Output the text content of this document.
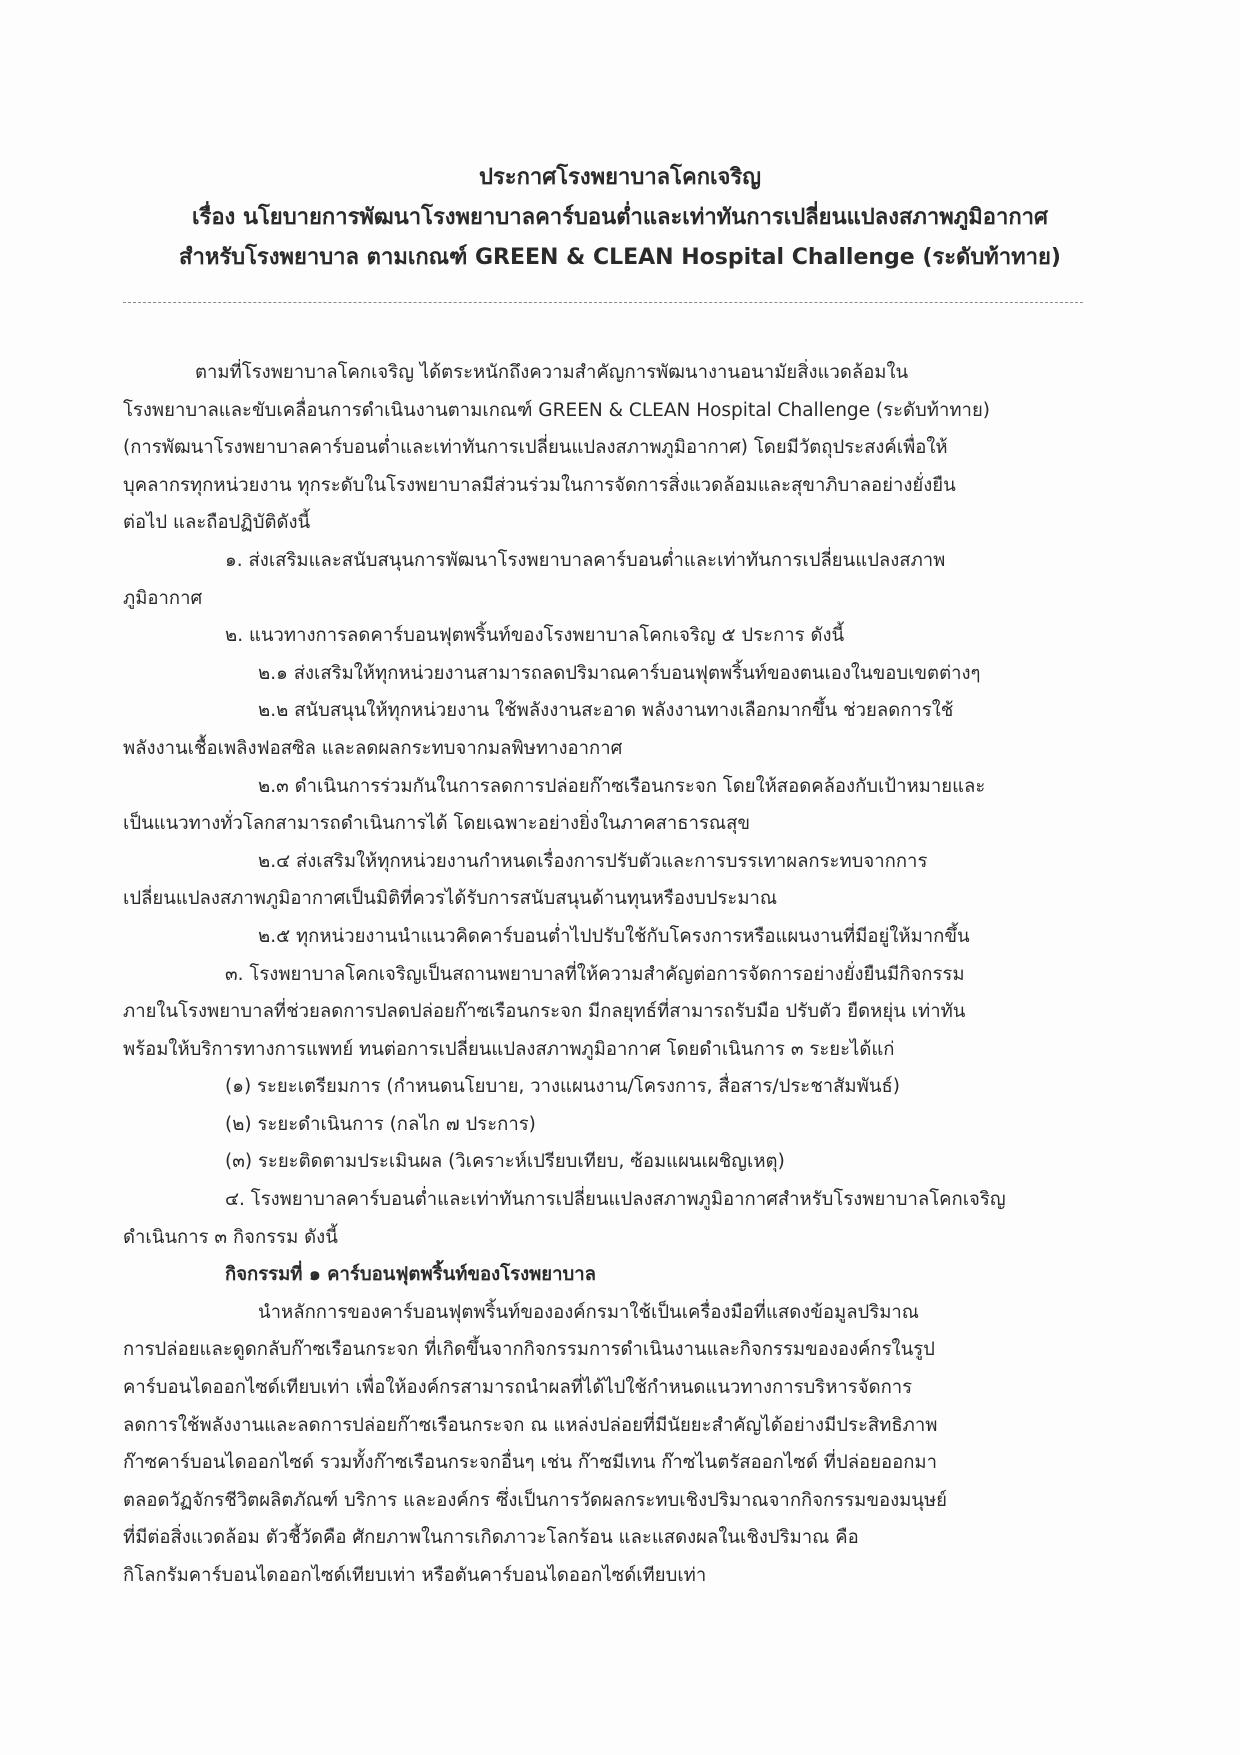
ประกาศโรงพยาบาลโคกเจริญ
เรื่อง นโยบายการพัฒนาโรงพยาบาลคาร์บอนต่ำและเท่าทันการเปลี่ยนแปลงสภาพภูมิอากาศ
สำหรับโรงพยาบาล ตามเกณฑ์ GREEN & CLEAN Hospital Challenge (ระดับท้าทาย)
ตามที่โรงพยาบาลโคกเจริญ ได้ตระหนักถึงความสำคัญการพัฒนางานอนามัยสิ่งแวดล้อมใน
โรงพยาบาลและขับเคลื่อนการดำเนินงานตามเกณฑ์ GREEN & CLEAN Hospital Challenge (ระดับท้าทาย)
(การพัฒนาโรงพยาบาลคาร์บอนต่ำและเท่าทันการเปลี่ยนแปลงสภาพภูมิอากาศ) โดยมีวัตถุประสงค์เพื่อให้
บุคลากรทุกหน่วยงาน ทุกระดับในโรงพยาบาลมีส่วนร่วมในการจัดการสิ่งแวดล้อมและสุขาภิบาลอย่างยั่งยืน
ต่อไป และถือปฏิบัติดังนี้
๑. ส่งเสริมและสนับสนุนการพัฒนาโรงพยาบาลคาร์บอนต่ำและเท่าทันการเปลี่ยนแปลงสภาพ
ภูมิอากาศ
๒. แนวทางการลดคาร์บอนฟุตพริ้นท์ของโรงพยาบาลโคกเจริญ ๕ ประการ ดังนี้
๒.๑ ส่งเสริมให้ทุกหน่วยงานสามารถลดปริมาณคาร์บอนฟุตพริ้นท์ของตนเองในขอบเขตต่างๆ
๒.๒ สนับสนุนให้ทุกหน่วยงาน ใช้พลังงานสะอาด พลังงานทางเลือกมากขึ้น ช่วยลดการใช้
พลังงานเชื้อเพลิงฟอสซิล และลดผลกระทบจากมลพิษทางอากาศ
๒.๓ ดำเนินการร่วมกันในการลดการปล่อยก๊าซเรือนกระจก โดยให้สอดคล้องกับเป้าหมายและ
เป็นแนวทางทั่วโลกสามารถดำเนินการได้ โดยเฉพาะอย่างยิ่งในภาคสาธารณสุข
๒.๔ ส่งเสริมให้ทุกหน่วยงานกำหนดเรื่องการปรับตัวและการบรรเทาผลกระทบจากการ
เปลี่ยนแปลงสภาพภูมิอากาศเป็นมิติที่ควรได้รับการสนับสนุนด้านทุนหรืองบประมาณ
๒.๕ ทุกหน่วยงานนำแนวคิดคาร์บอนต่ำไปปรับใช้กับโครงการหรือแผนงานที่มีอยู่ให้มากขึ้น
๓. โรงพยาบาลโคกเจริญเป็นสถานพยาบาลที่ให้ความสำคัญต่อการจัดการอย่างยั่งยืนมีกิจกรรม
ภายในโรงพยาบาลที่ช่วยลดการปลดปล่อยก๊าซเรือนกระจก มีกลยุทธ์ที่สามารถรับมือ ปรับตัว ยืดหยุ่น เท่าทัน
พร้อมให้บริการทางการแพทย์ ทนต่อการเปลี่ยนแปลงสภาพภูมิอากาศ โดยดำเนินการ ๓ ระยะได้แก่
(๑) ระยะเตรียมการ (กำหนดนโยบาย, วางแผนงาน/โครงการ, สื่อสาร/ประชาสัมพันธ์)
(๒) ระยะดำเนินการ (กลไก ๗ ประการ)
(๓) ระยะติดตามประเมินผล (วิเคราะห์เปรียบเทียบ, ซ้อมแผนเผชิญเหตุ)
๔. โรงพยาบาลคาร์บอนต่ำและเท่าทันการเปลี่ยนแปลงสภาพภูมิอากาศสำหรับโรงพยาบาลโคกเจริญ
ดำเนินการ ๓ กิจกรรม ดังนี้
กิจกรรมที่ ๑ คาร์บอนฟุตพริ้นท์ของโรงพยาบาล
นำหลักการของคาร์บอนฟุตพริ้นท์ขององค์กรมาใช้เป็นเครื่องมือที่แสดงข้อมูลปริมาณ
การปล่อยและดูดกลับก๊าซเรือนกระจก ที่เกิดขึ้นจากกิจกรรมการดำเนินงานและกิจกรรมขององค์กรในรูป
คาร์บอนไดออกไซด์เทียบเท่า เพื่อให้องค์กรสามารถนำผลที่ได้ไปใช้กำหนดแนวทางการบริหารจัดการ
ลดการใช้พลังงานและลดการปล่อยก๊าซเรือนกระจก ณ แหล่งปล่อยที่มีนัยยะสำคัญได้อย่างมีประสิทธิภาพ
ก๊าซคาร์บอนไดออกไซด์ รวมทั้งก๊าซเรือนกระจกอื่นๆ เช่น ก๊าซมีเทน ก๊าซไนตรัสออกไซด์ ที่ปล่อยออกมา
ตลอดวัฏจักรชีวิตผลิตภัณฑ์ บริการ และองค์กร ซึ่งเป็นการวัดผลกระทบเชิงปริมาณจากกิจกรรมของมนุษย์
ที่มีต่อสิ่งแวดล้อม ตัวชี้วัดคือ ศักยภาพในการเกิดภาวะโลกร้อน และแสดงผลในเชิงปริมาณ คือ
กิโลกรัมคาร์บอนไดออกไซด์เทียบเท่า หรือตันคาร์บอนไดออกไซด์เทียบเท่า
